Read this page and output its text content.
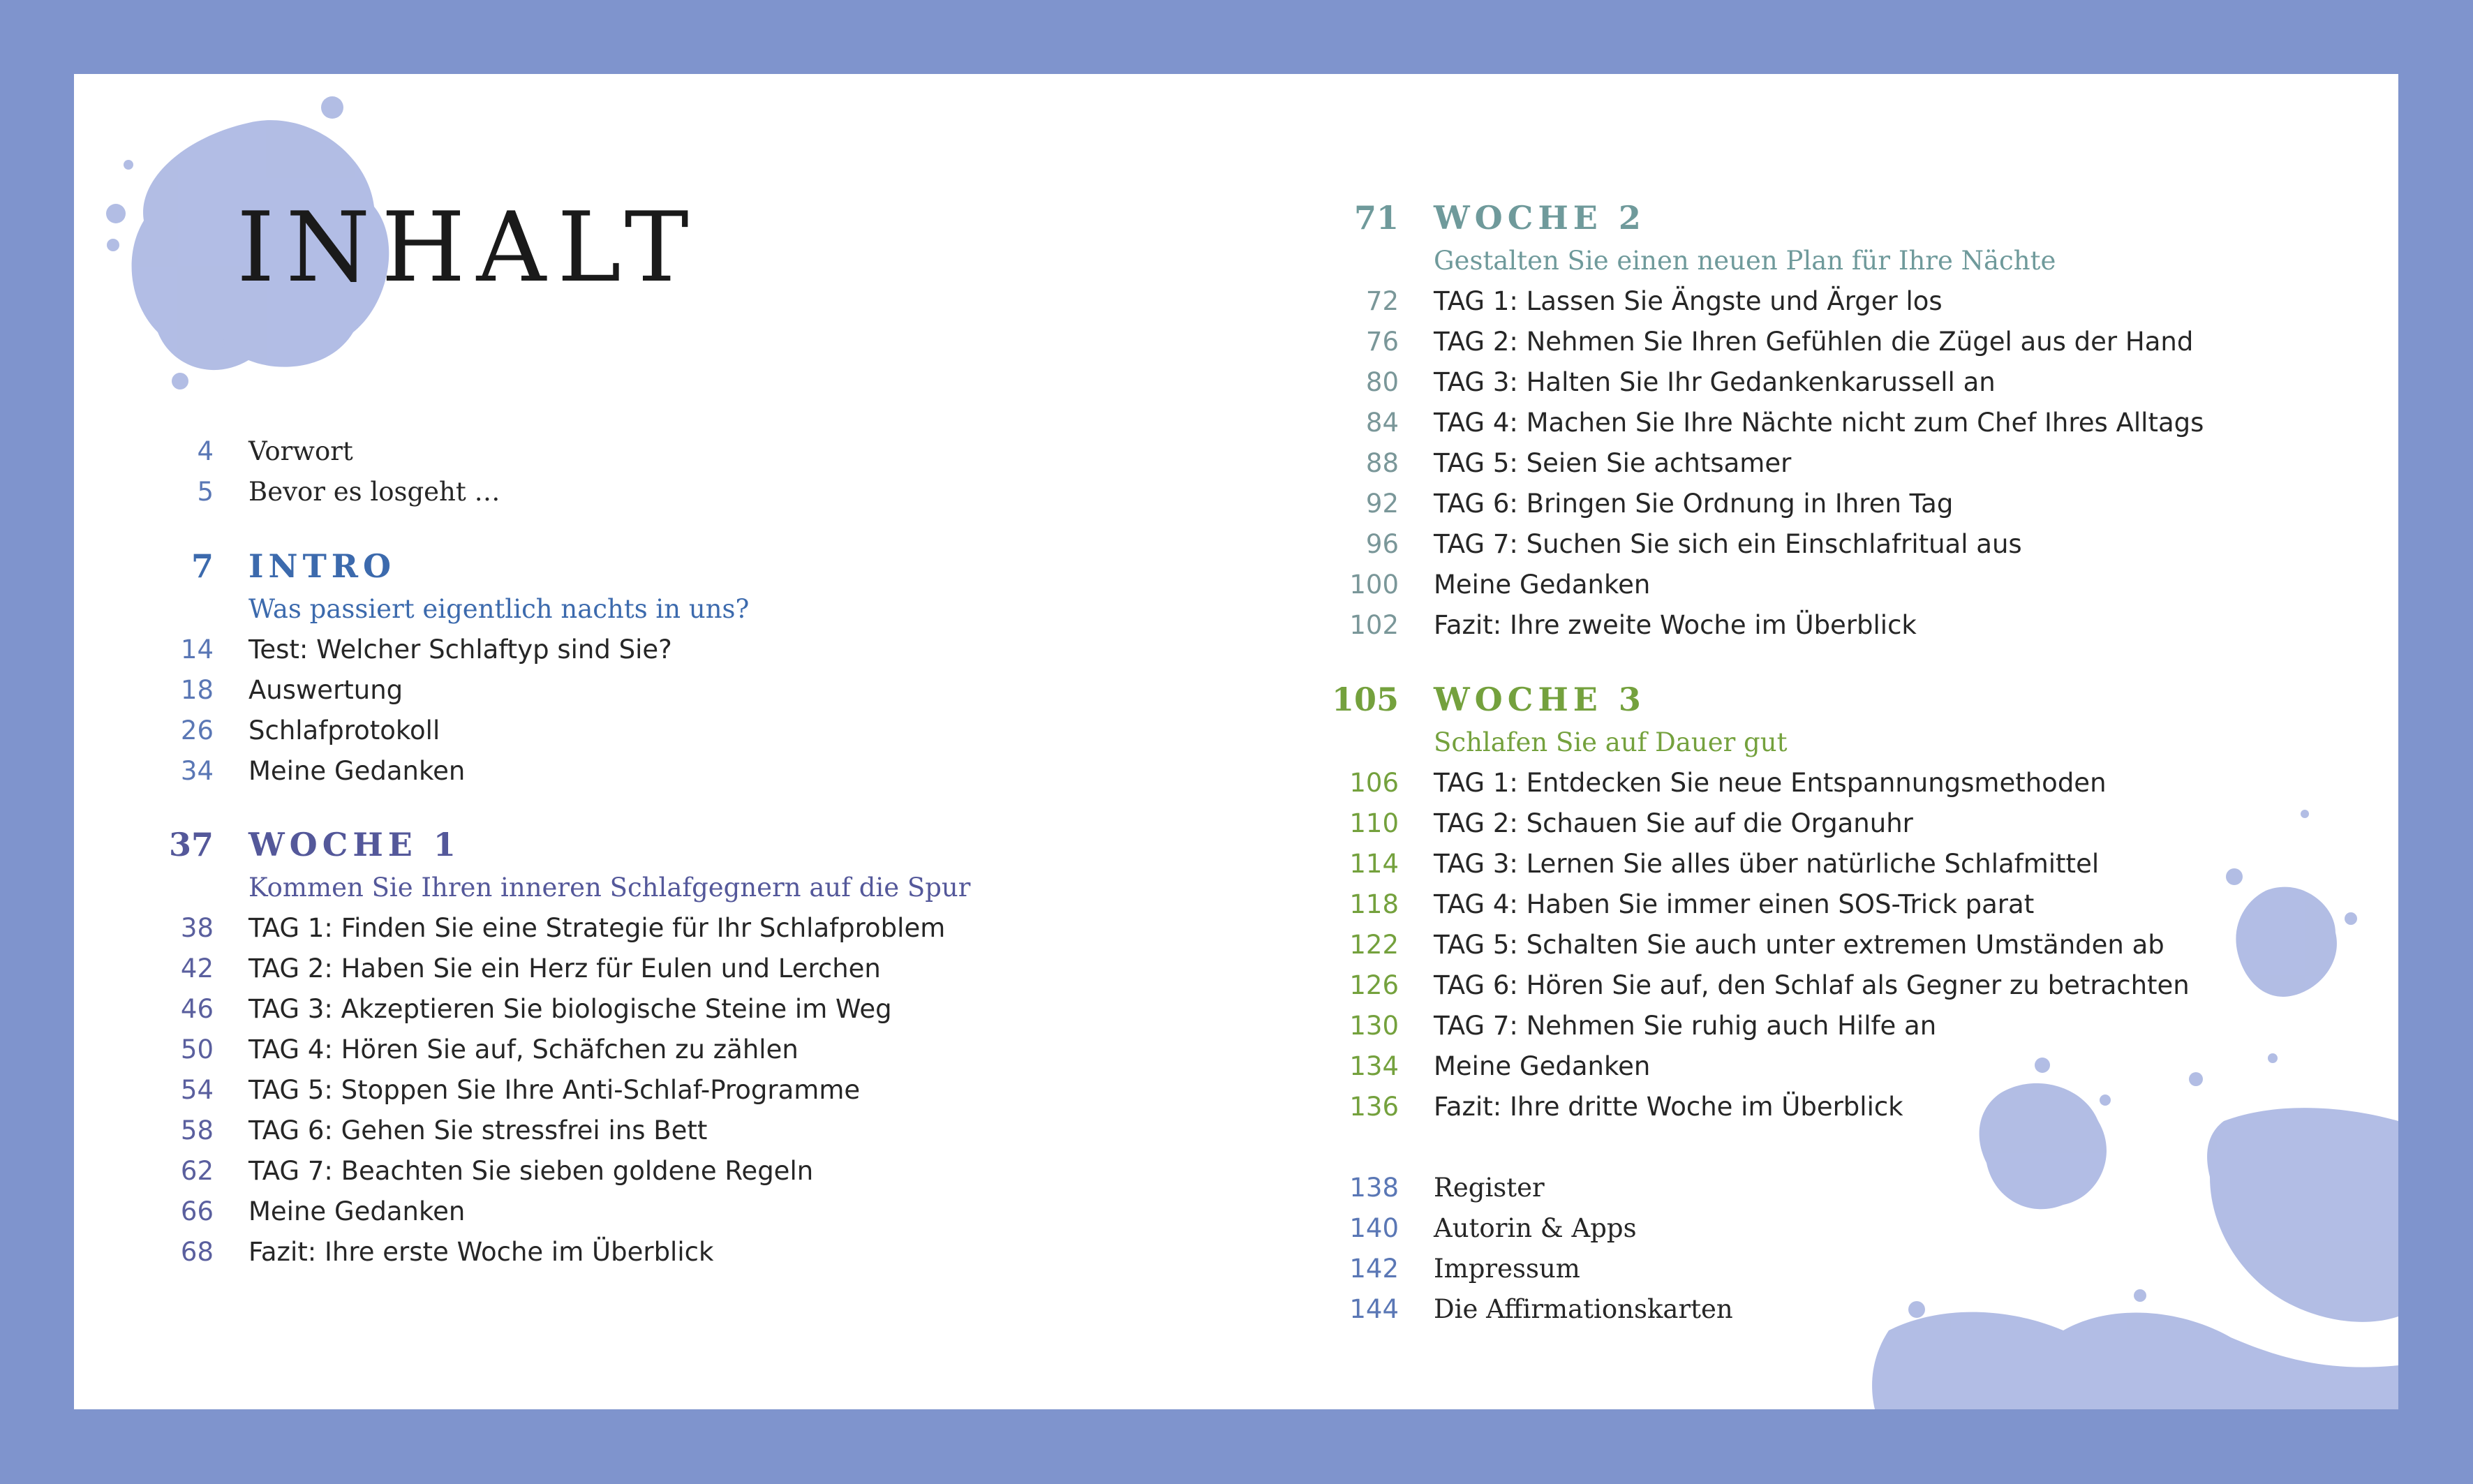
INHALT
4 Vorwort
5 Bevor es losgeht …
7 INTRO
Was passiert eigentlich nachts in uns?
14 Test: Welcher Schlaftyp sind Sie?
18 Auswertung
26 Schlafprotokoll
34 Meine Gedanken
37 WOCHE 1
Kommen Sie Ihren inneren Schlafgegnern auf die Spur
38 TAG 1: Finden Sie eine Strategie für Ihr Schlafproblem
42 TAG 2: Haben Sie ein Herz für Eulen und Lerchen
46 TAG 3: Akzeptieren Sie biologische Steine im Weg
50 TAG 4: Hören Sie auf, Schäfchen zu zählen
54 TAG 5: Stoppen Sie Ihre Anti-Schlaf-Programme
58 TAG 6: Gehen Sie stressfrei ins Bett
62 TAG 7: Beachten Sie sieben goldene Regeln
66 Meine Gedanken
68 Fazit: Ihre erste Woche im Überblick
71 WOCHE 2
Gestalten Sie einen neuen Plan für Ihre Nächte
72 TAG 1: Lassen Sie Ängste und Ärger los
76 TAG 2: Nehmen Sie Ihren Gefühlen die Zügel aus der Hand
80 TAG 3: Halten Sie Ihr Gedankenkarussell an
84 TAG 4: Machen Sie Ihre Nächte nicht zum Chef Ihres Alltags
88 TAG 5: Seien Sie achtsamer
92 TAG 6: Bringen Sie Ordnung in Ihren Tag
96 TAG 7: Suchen Sie sich ein Einschlafritual aus
100 Meine Gedanken
102 Fazit: Ihre zweite Woche im Überblick
105 WOCHE 3
Schlafen Sie auf Dauer gut
106 TAG 1: Entdecken Sie neue Entspannungsmethoden
110 TAG 2: Schauen Sie auf die Organuhr
114 TAG 3: Lernen Sie alles über natürliche Schlafmittel
118 TAG 4: Haben Sie immer einen SOS-Trick parat
122 TAG 5: Schalten Sie auch unter extremen Umständen ab
126 TAG 6: Hören Sie auf, den Schlaf als Gegner zu betrachten
130 TAG 7: Nehmen Sie ruhig auch Hilfe an
134 Meine Gedanken
136 Fazit: Ihre dritte Woche im Überblick
138 Register
140 Autorin & Apps
142 Impressum
144 Die Affirmationskarten
